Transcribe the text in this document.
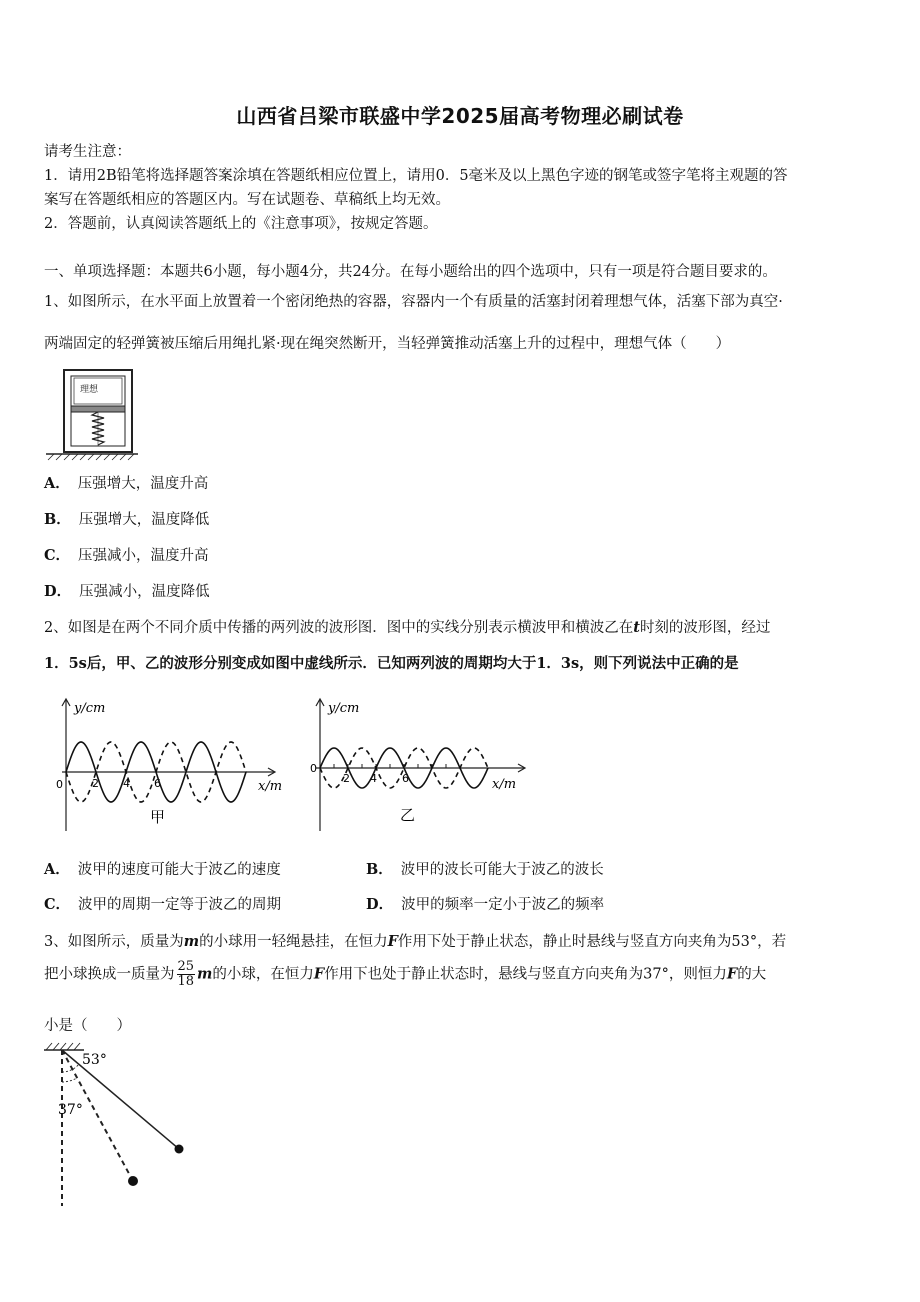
山西省吕梁市联盛中学2025届高考物理必刷试卷
请考生注意：
1．请用2B铅笔将选择题答案涂填在答题纸相应位置上，请用0．5毫米及以上黑色字迹的钢笔或签字笔将主观题的答
案写在答题纸相应的答题区内。写在试题卷、草稿纸上均无效。
2．答题前，认真阅读答题纸上的《注意事项》，按规定答题。
一、单项选择题：本题共6小题，每小题4分，共24分。在每小题给出的四个选项中，只有一项是符合题目要求的。
1、如图所示，在水平面上放置着一个密闭绝热的容器，容器内一个有质量的活塞封闭着理想气体，活塞下部为真空·
两端固定的轻弹簧被压缩后用绳扎紧·现在绳突然断开，当轻弹簧推动活塞上升的过程中，理想气体（　　）
理想
A． 压强增大，温度升高
B． 压强增大，温度降低
C． 压强减小，温度升高
D． 压强减小，温度降低
2、如图是在两个不同介质中传播的两列波的波形图．图中的实线分别表示横波甲和横波乙在t时刻的波形图，经过
1．5s后，甲、乙的波形分别变成如图中虚线所示．已知两列波的周期均大于1．3s，则下列说法中正确的是
y/cm
x/m
0	2 4 6
甲
y/cm
x/m
0
2 4 6
乙
A． 波甲的速度可能大于波乙的速度	B． 波甲的波长可能大于波乙的波长
C． 波甲的周期一定等于波乙的周期	D． 波甲的频率一定小于波乙的频率
3、如图所示，质量为m的小球用一轻绳悬挂，在恒力F作用下处于静止状态，静止时悬线与竖直方向夹角为53°，若
把小球换成一质量为 $\frac{25}{18}$ m的小球，在恒力F作用下也处于静止状态时，悬线与竖直方向夹角为37°，则恒力F的大
小是（　　）
53°
37°
